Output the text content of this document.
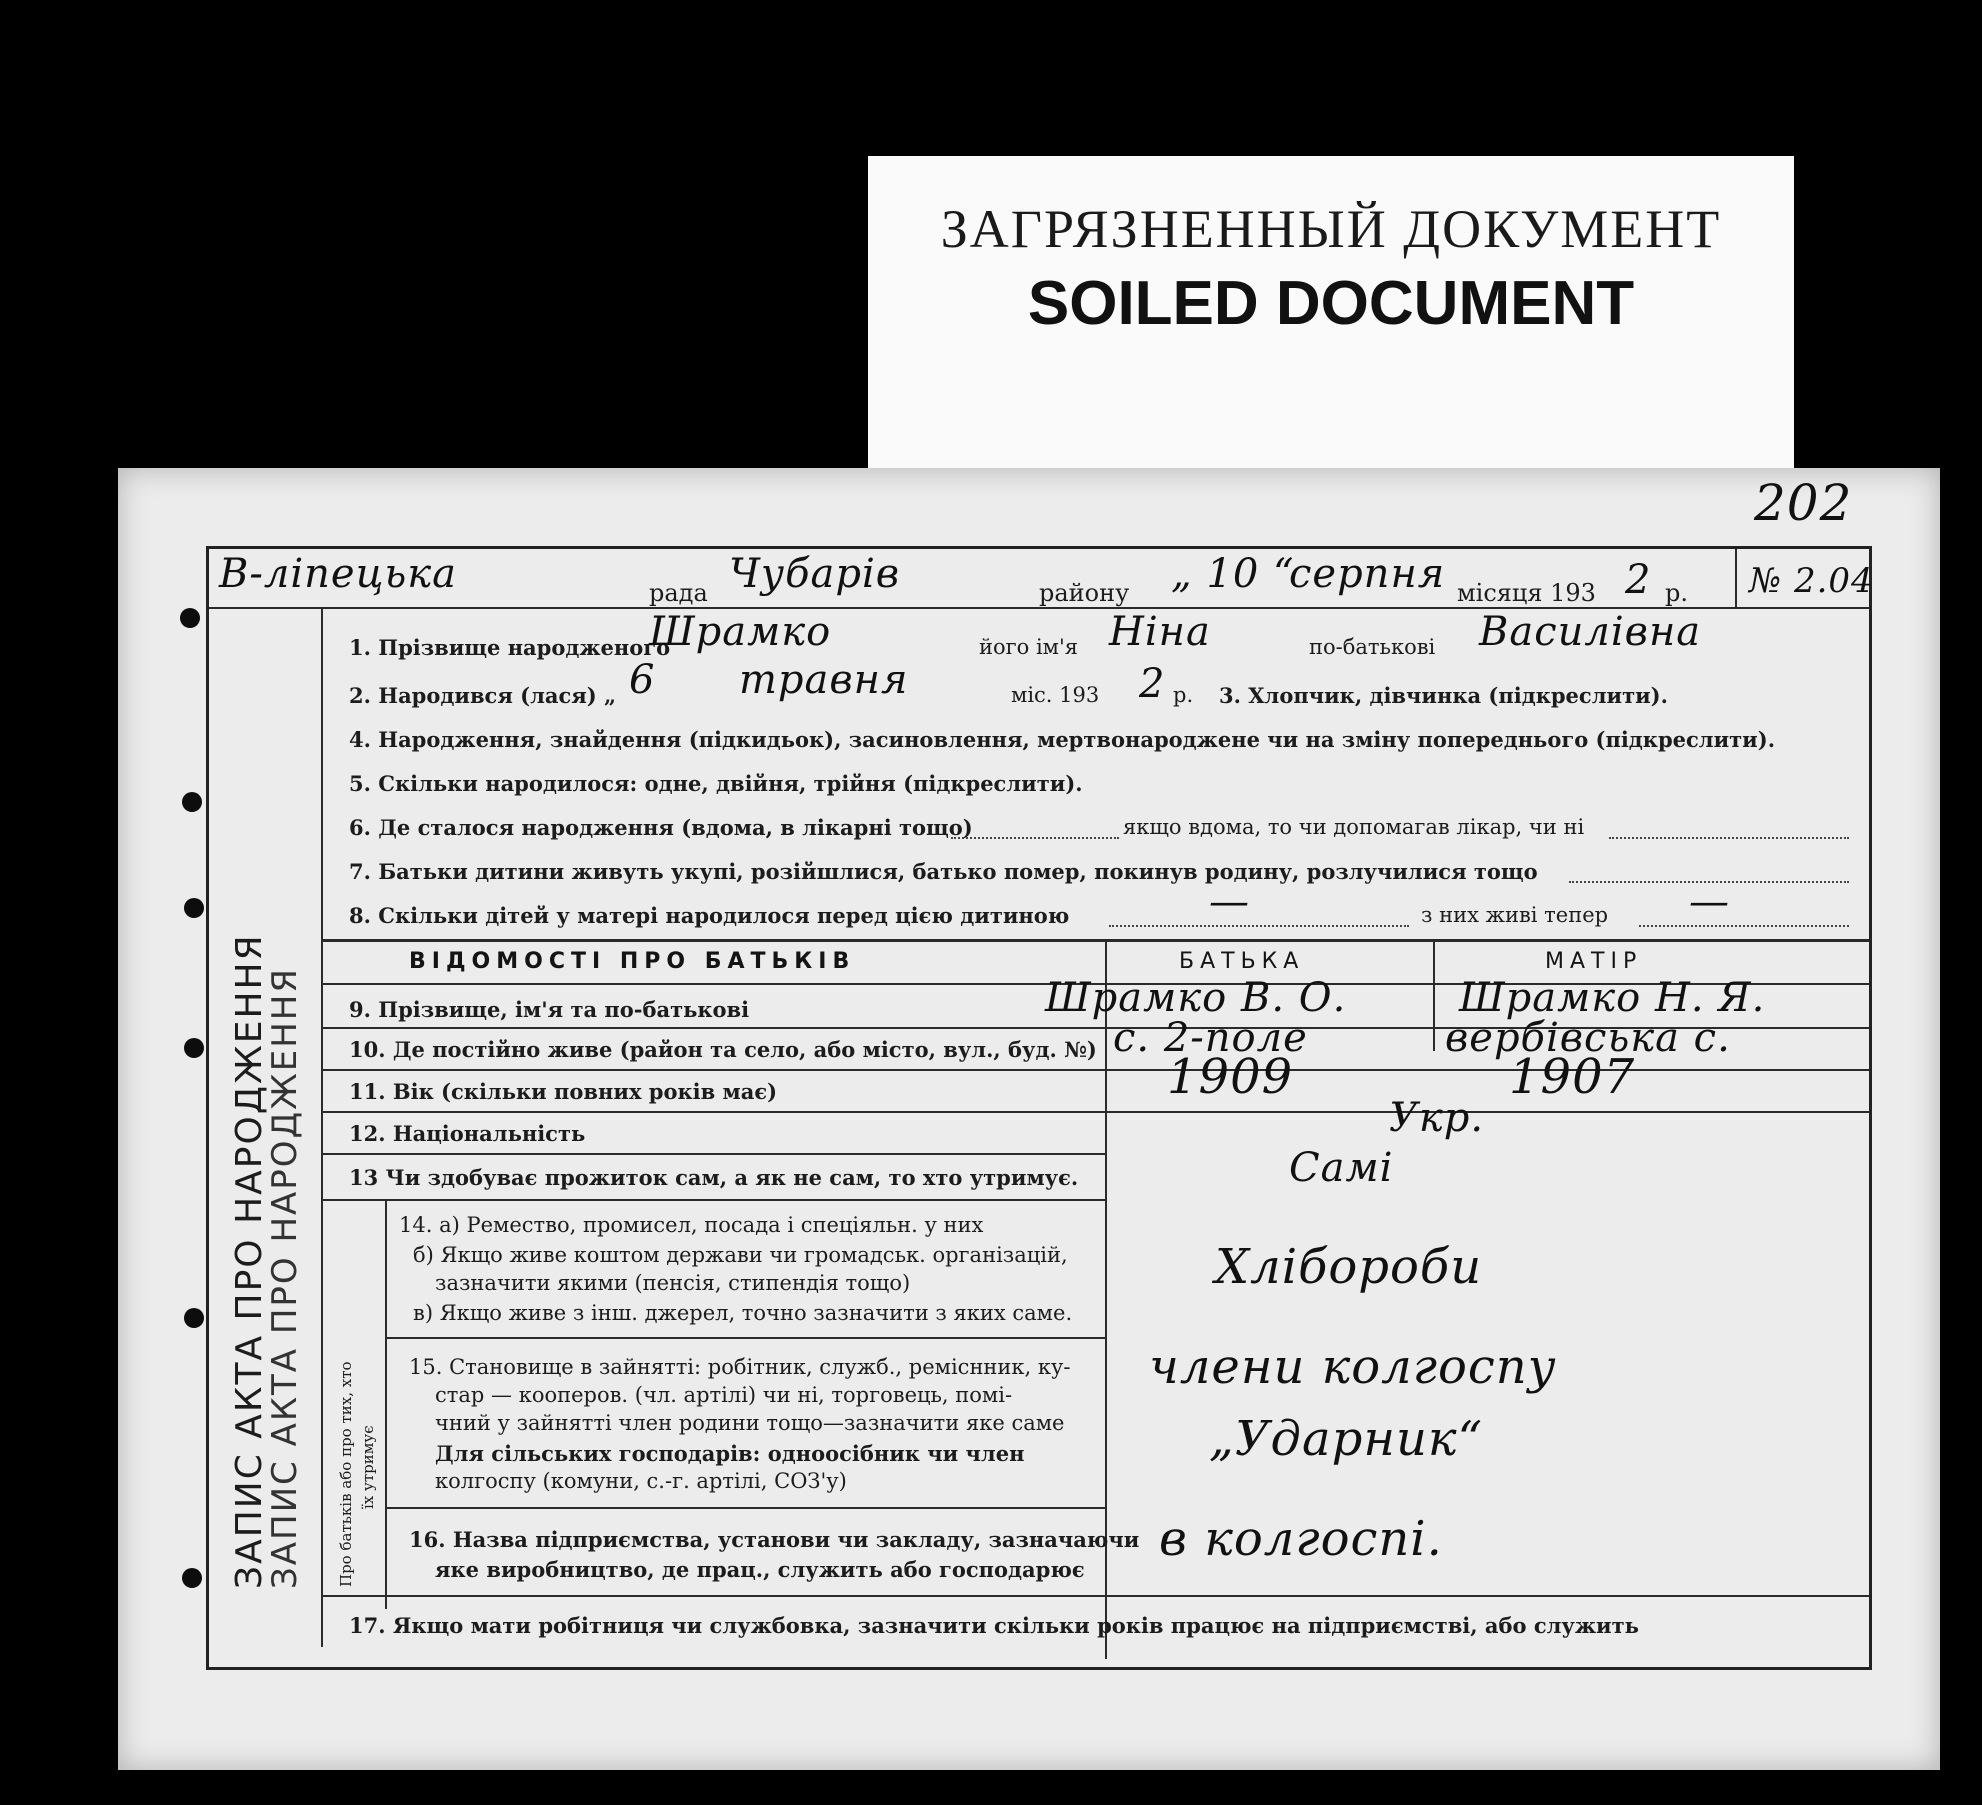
ЗАГРЯЗНЕННЫЙ ДОКУМЕНТ
SOILED DOCUMENT
202
ЗАПИС АКТА ПРО НАРОДЖЕННЯ
ЗАПИС АКТА ПРО НАРОДЖЕННЯ
В-ліпецька	рада Чубарів	району „ 10 “
серпня місяця 193 2 р. № 2.04
1. Прізвище народженого
Шрамко	його ім'я Ніна	по-батькові Василівна
2. Народився (лася) „ 6 травня	міс. 193 2 р. 3. Хлопчик, дівчинка (підкреслити).
4. Народження, знайдення (підкидьок), засиновлення, мертвонароджене чи на зміну попереднього (підкреслити).
5. Скільки народилося: одне, двійня, трійня (підкреслити).
6. Де сталося народження (вдома, в лікарні тощо)	якщо вдома, то чи допомагав лікар, чи ні
7. Батьки дитини живуть укупі, розійшлися, батько помер, покинув родину, розлучилися тощо
8. Скільки дітей у матері народилося перед цією дитиною	—	з них живі тепер —
ВІДОМОСТІ ПРО БАТЬКІВ	БАТЬКА	МАТІР
9. Прізвище, ім'я та по-батькові	Шрамко В. О.	Шрамко Н. Я.
10. Де постійно живе (район та село, або місто, вул., буд. №) с. 2-поле	вербівська с.
11. Вік (скільки повних років має)	1909	1907
12. Національність	Укр.
13 Чи здобуває прожиток сам, а як не сам, то хто утримує.	Самі
Про батьків або про тих, хто їх утримує
14. а) Ремество, промисел, посада і спеціяльн. у них
б) Якщо живе коштом держави чи громадськ. організацій,
зазначити якими (пенсія, стипендія тощо)
в) Якщо живе з інш. джерел, точно зазначити з яких саме.
Хлібороби
15. Становище в зайнятті: робітник, служб., реміснник, ку-
стар — кооперов. (чл. артілі) чи ні, торговець, помі-
чний у зайнятті член родини тощо—зазначити яке саме
Для сільських господарів: одноосібник чи член
колгоспу (комуни, с.-г. артілі, СОЗ'у)
члени колгоспу
„Ударник“
16. Назва підприємства, установи чи закладу, зазначаючи
яке виробництво, де прац., служить або господарює
в колгоспі.
17. Якщо мати робітниця чи службовка, зазначити скільки років працює на підприємстві, або служить
